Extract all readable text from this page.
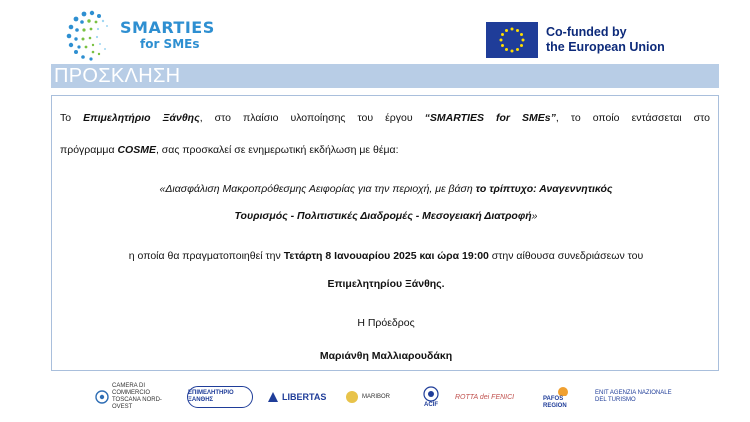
SMARTIES
for SMEs
Co-funded by
the European Union
ΠΡΟΣΚΛΗΣΗ
Το Επιμελητήριο Ξάνθης, στο πλαίσιο υλοποίησης του έργου “SMARTIES for SMEs”, το οποίο εντάσσεται στο
πρόγραμμα COSME, σας προσκαλεί σε ενημερωτική εκδήλωση με θέμα:
«Διασφάλιση Μακροπρόθεσμης Αειφορίας για την περιοχή, με βάση το τρίπτυχο: Αναγεννητικός
Τουρισμός - Πολιτιστικές Διαδρομές - Μεσογειακή Διατροφή»
η οποία θα πραγματοποιηθεί την Τετάρτη 8 Ιανουαρίου 2025 και ώρα 19:00 στην αίθουσα συνεδριάσεων του
Επιμελητηρίου Ξάνθης.
Η Πρόεδρος
Μαριάνθη Μαλλιαρουδάκη
CAMERA DI COMMERCIO TOSCANA NORD-OVEST
ΕΠΙΜΕΛΗΤΗΡΙΟ ΞΑΝΘΗΣ	LIBERTAS	MARIBOR
ACIF
ROTTA dei FENICI	PAFOS REGION
ENIT AGENZIA NAZIONALE DEL TURISMO
